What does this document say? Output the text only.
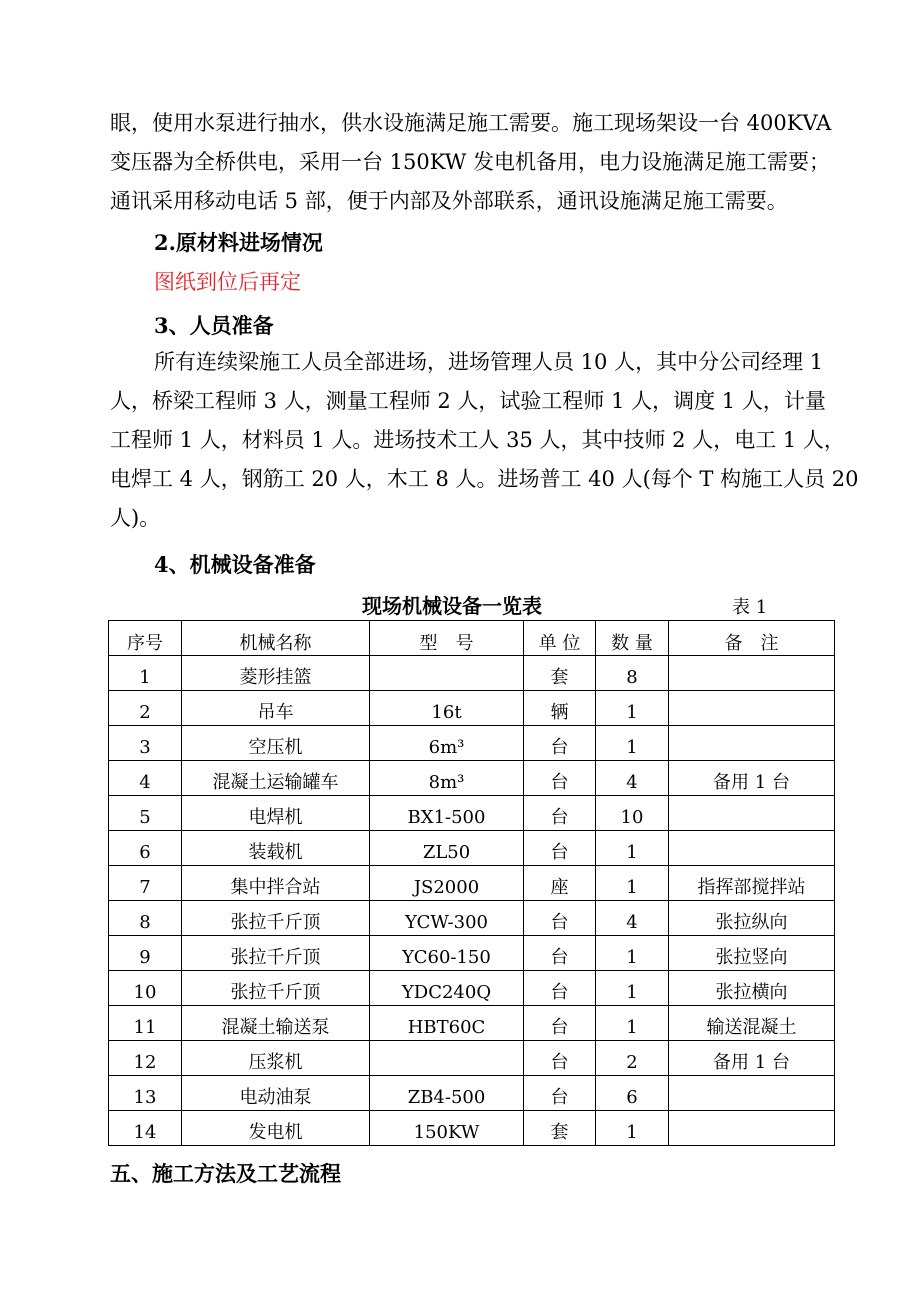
眼，使用水泵进行抽水，供水设施满足施工需要。施工现场架设一台 400KVA
变压器为全桥供电，采用一台 150KW 发电机备用，电力设施满足施工需要；
通讯采用移动电话 5 部，便于内部及外部联系，通讯设施满足施工需要。
2.原材料进场情况
图纸到位后再定
3、人员准备
所有连续梁施工人员全部进场，进场管理人员 10 人，其中分公司经理 1
人，桥梁工程师 3 人，测量工程师 2 人，试验工程师 1 人，调度 1 人，计量
工程师 1 人，材料员 1 人。进场技术工人 35 人，其中技师 2 人，电工 1 人，
电焊工 4 人，钢筋工 20 人，木工 8 人。进场普工 40 人(每个 T 构施工人员 20
人)。
4、机械设备准备
现场机械设备一览表	表 1
序号	机械名称	型　号	单 位	数 量	备　注

1	菱形挂篮		套	8	

2	吊车	16t	辆	1	

3	空压机	6m³	台	1	

4	混凝土运输罐车	8m³	台	4	备用 1 台

5	电焊机	BX1-500	台	10	

6	装载机	ZL50	台	1	

7	集中拌合站	JS2000	座	1	指挥部搅拌站

8	张拉千斤顶	YCW-300	台	4	张拉纵向

9	张拉千斤顶	YC60-150	台	1	张拉竖向

10	张拉千斤顶	YDC240Q	台	1	张拉横向

11	混凝土输送泵	HBT60C	台	1	输送混凝土

12	压浆机		台	2	备用 1 台

13	电动油泵	ZB4-500	台	6	

14	发电机	150KW	套	1	

五、施工方法及工艺流程
